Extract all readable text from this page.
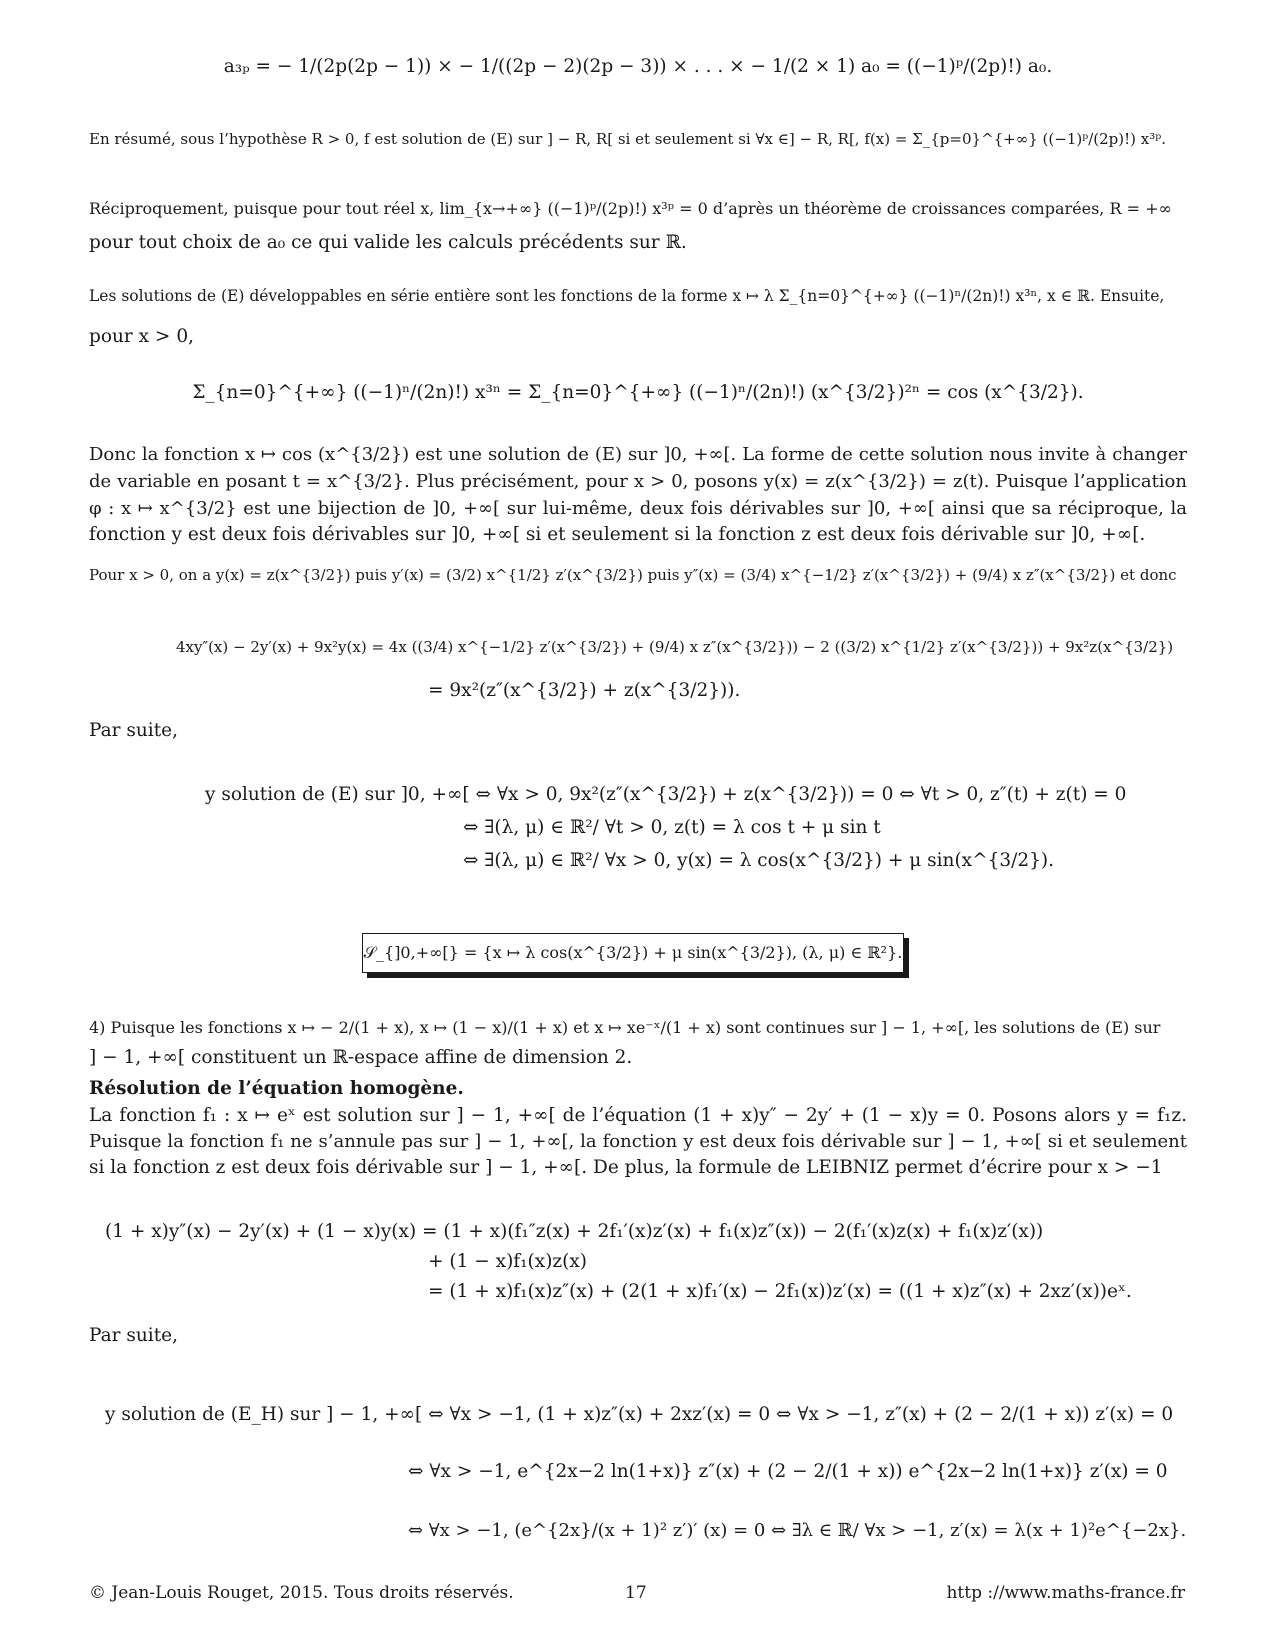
a₃ₚ = − 1/(2p(2p − 1)) × − 1/((2p − 2)(2p − 3)) × . . . × − 1/(2 × 1) a₀ = ((−1)ᵖ/(2p)!) a₀.
En résumé, sous l’hypothèse R > 0, f est solution de (E) sur ] − R, R[ si et seulement si ∀x ∈] − R, R[, f(x) = Σ_{p=0}^{+∞} ((−1)ᵖ/(2p)!) x³ᵖ.
Réciproquement, puisque pour tout réel x, lim_{x→+∞} ((−1)ᵖ/(2p)!) x³ᵖ = 0 d’après un théorème de croissances comparées, R = +∞
pour tout choix de a₀ ce qui valide les calculs précédents sur ℝ.
Les solutions de (E) développables en série entière sont les fonctions de la forme x ↦ λ Σ_{n=0}^{+∞} ((−1)ⁿ/(2n)!) x³ⁿ, x ∈ ℝ. Ensuite,
pour x > 0,
Σ_{n=0}^{+∞} ((−1)ⁿ/(2n)!) x³ⁿ = Σ_{n=0}^{+∞} ((−1)ⁿ/(2n)!) (x^{3/2})²ⁿ = cos (x^{3/2}).
Donc la fonction x ↦ cos (x^{3/2}) est une solution de (E) sur ]0, +∞[. La forme de cette solution nous invite à changer
de variable en posant t = x^{3/2}. Plus précisément, pour x > 0, posons y(x) = z(x^{3/2}) = z(t). Puisque l’application
φ : x ↦ x^{3/2} est une bijection de ]0, +∞[ sur lui-même, deux fois dérivables sur ]0, +∞[ ainsi que sa réciproque, la
fonction y est deux fois dérivables sur ]0, +∞[ si et seulement si la fonction z est deux fois dérivable sur ]0, +∞[.
Pour x > 0, on a y(x) = z(x^{3/2}) puis y′(x) = (3/2) x^{1/2} z′(x^{3/2}) puis y″(x) = (3/4) x^{−1/2} z′(x^{3/2}) + (9/4) x z″(x^{3/2}) et donc
4xy″(x) − 2y′(x) + 9x²y(x) = 4x ((3/4) x^{−1/2} z′(x^{3/2}) + (9/4) x z″(x^{3/2})) − 2 ((3/2) x^{1/2} z′(x^{3/2})) + 9x²z(x^{3/2})
= 9x²(z″(x^{3/2}) + z(x^{3/2})).
Par suite,
y solution de (E) sur ]0, +∞[ ⇔ ∀x > 0, 9x²(z″(x^{3/2}) + z(x^{3/2})) = 0 ⇔ ∀t > 0, z″(t) + z(t) = 0
⇔ ∃(λ, μ) ∈ ℝ²/ ∀t > 0, z(t) = λ cos t + μ sin t
⇔ ∃(λ, μ) ∈ ℝ²/ ∀x > 0, y(x) = λ cos(x^{3/2}) + μ sin(x^{3/2}).
𝒮_{]0,+∞[} = {x ↦ λ cos(x^{3/2}) + μ sin(x^{3/2}), (λ, μ) ∈ ℝ²}.
4) Puisque les fonctions x ↦ − 2/(1 + x), x ↦ (1 − x)/(1 + x) et x ↦ xe⁻ˣ/(1 + x) sont continues sur ] − 1, +∞[, les solutions de (E) sur
] − 1, +∞[ constituent un ℝ-espace affine de dimension 2.
Résolution de l’équation homogène.
La fonction f₁ : x ↦ eˣ est solution sur ] − 1, +∞[ de l’équation (1 + x)y″ − 2y′ + (1 − x)y = 0. Posons alors y = f₁z.
Puisque la fonction f₁ ne s’annule pas sur ] − 1, +∞[, la fonction y est deux fois dérivable sur ] − 1, +∞[ si et seulement
si la fonction z est deux fois dérivable sur ] − 1, +∞[. De plus, la formule de LEIBNIZ permet d’écrire pour x > −1
(1 + x)y″(x) − 2y′(x) + (1 − x)y(x) = (1 + x)(f₁″z(x) + 2f₁′(x)z′(x) + f₁(x)z″(x)) − 2(f₁′(x)z(x) + f₁(x)z′(x))
+ (1 − x)f₁(x)z(x)
= (1 + x)f₁(x)z″(x) + (2(1 + x)f₁′(x) − 2f₁(x))z′(x) = ((1 + x)z″(x) + 2xz′(x))eˣ.
Par suite,
y solution de (E_H) sur ] − 1, +∞[ ⇔ ∀x > −1, (1 + x)z″(x) + 2xz′(x) = 0 ⇔ ∀x > −1, z″(x) + (2 − 2/(1 + x)) z′(x) = 0
⇔ ∀x > −1, e^{2x−2 ln(1+x)} z″(x) + (2 − 2/(1 + x)) e^{2x−2 ln(1+x)} z′(x) = 0
⇔ ∀x > −1, (e^{2x}/(x + 1)² z′)′ (x) = 0 ⇔ ∃λ ∈ ℝ/ ∀x > −1, z′(x) = λ(x + 1)²e^{−2x}.
© Jean-Louis Rouget, 2015. Tous droits réservés.	17	http ://www.maths-france.fr
